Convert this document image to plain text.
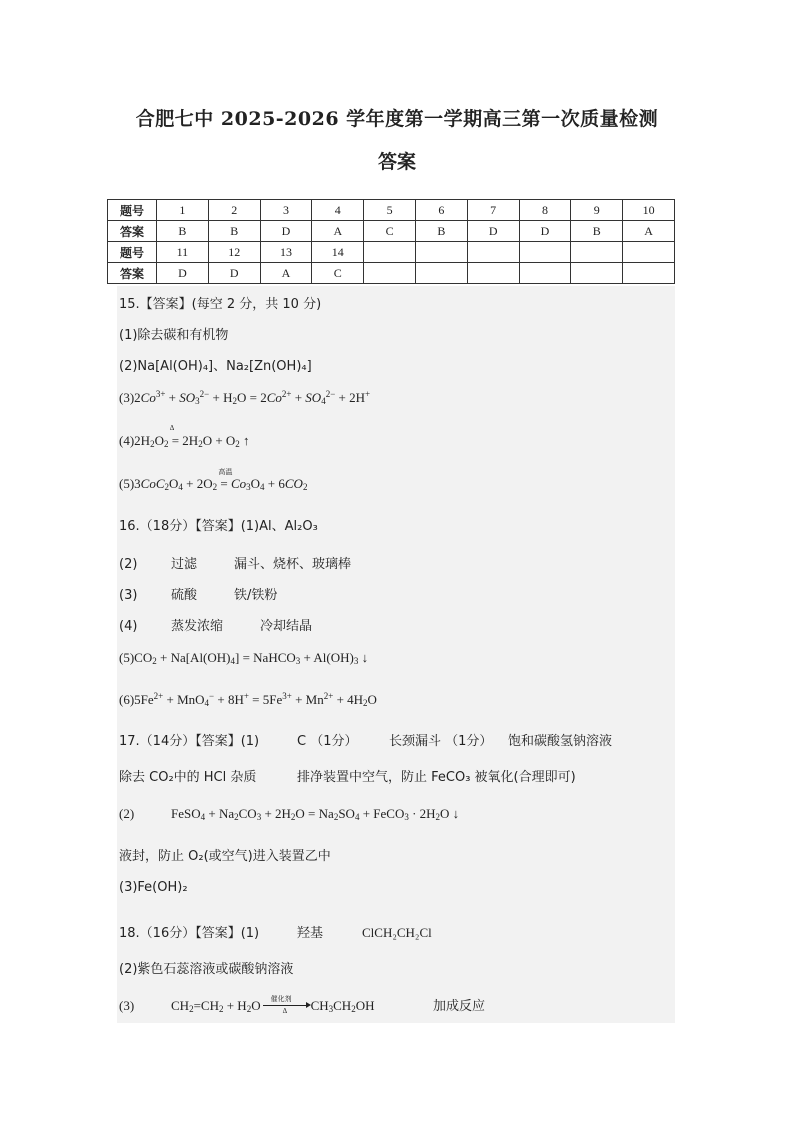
合肥七中 2025-2026 学年度第一学期高三第一次质量检测
答案
题号	1	2	3	4	5	6	7	8	9	10
答案	B	B	D	A	C	B	D	D	B	A
题号	11	12	13	14						
答案	D	D	A	C						
15.【答案】(每空 2 分，共 10 分)
(1)除去碳和有机物
(2)Na[Al(OH)₄]、Na₂[Zn(OH)₄]
$(3)2Co^{3+} + SO_3^{2-} + H_2O = 2Co^{2+} + SO_4^{2-} + 2H^+$
$(4)2H_2O_2$ =
Δ
$2H_2O + O_2$ ↑
$(5)3CoC_2O_4 + 2O_2$ =
高温
$Co_3O_4 + 6CO_2$
16.（18分）【答案】(1)Al、Al₂O₃
(2)	过滤	漏斗、烧杯、玻璃棒
(3)	硫酸	铁/铁粉
(4)	蒸发浓缩	冷却结晶
$(5)CO_2 + Na[Al(OH)_4]$ = NaHCO$_3$ + $Al(OH)_3$ ↓
$(6)5Fe^{2+} + MnO_4^- + 8H^+ = 5Fe^{3+} + Mn^{2+} + 4H_2O$
17.（14分）【答案】(1)	C （1分） 长颈漏斗 （1分） 饱和碳酸氢钠溶液
除去 CO₂中的 HCl 杂质	排净装置中空气，防止 FeCO₃ 被氧化(合理即可)
(2)	FeSO$_4$ + $Na_2CO_3 + 2H_2O = Na_2SO_4$ + FeCO$_3$ · $2H_2O$ ↓
液封，防止 O₂(或空气)进入装置乙中
(3)Fe(OH)₂
18.（16分）【答案】(1)	羟基	ClCH₂CH₂Cl
(2)紫色石蕊溶液或碳酸钠溶液
(3)	$CH_2=CH_2 + H_2O$ 催化剂
Δ $CH_3CH_2OH$	加成反应
